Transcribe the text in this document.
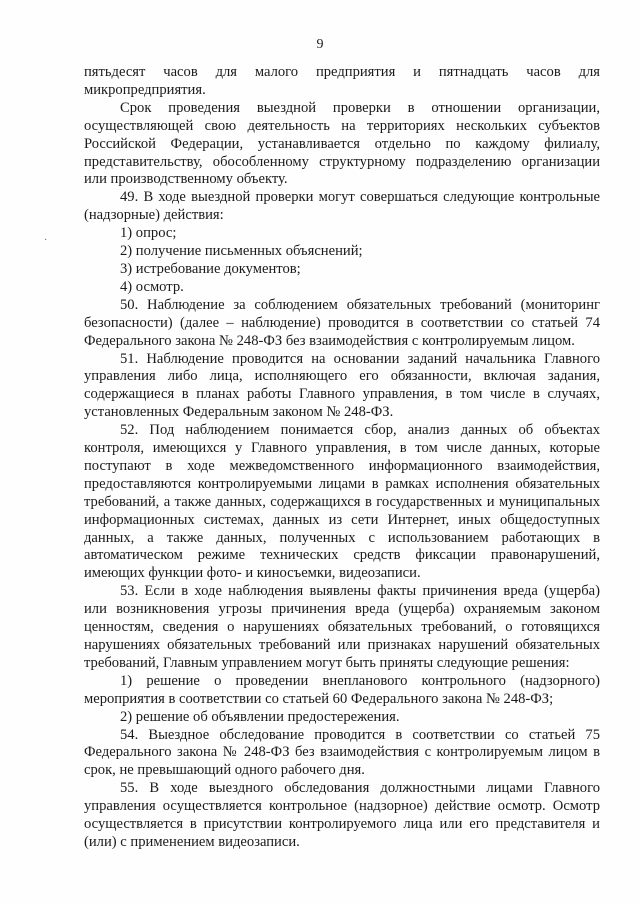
9
·

пятьдесят часов для малого предприятия и пятнадцать часов для микропредприятия.

Срок проведения выездной проверки в отношении организации, осуществляющей свою деятельность на территориях нескольких субъектов Российской Федерации, устанавливается отдельно по каждому филиалу, представительству, обособленному структурному подразделению организации или производственному объекту.

49. В ходе выездной проверки могут совершаться следующие контрольные (надзорные) действия:

1) опрос;

2) получение письменных объяснений;

3) истребование документов;

4) осмотр.

50. Наблюдение за соблюдением обязательных требований (мониторинг безопасности) (далее – наблюдение) проводится в соответствии со статьей 74 Федерального закона № 248-ФЗ без взаимодействия с контролируемым лицом.

51. Наблюдение проводится на основании заданий начальника Главного управления либо лица, исполняющего его обязанности, включая задания, содержащиеся в планах работы Главного управления, в том числе в случаях, установленных Федеральным законом № 248-ФЗ.

52. Под наблюдением понимается сбор, анализ данных об объектах контроля, имеющихся у Главного управления, в том числе данных, которые поступают в ходе межведомственного информационного взаимодействия, предоставляются контролируемыми лицами в рамках исполнения обязательных требований, а также данных, содержащихся в государственных и муниципальных информационных системах, данных из сети Интернет, иных общедоступных данных, а также данных, полученных с использованием работающих в автоматическом режиме технических средств фиксации правонарушений, имеющих функции фото- и киносъемки, видеозаписи.

53. Если в ходе наблюдения выявлены факты причинения вреда (ущерба) или возникновения угрозы причинения вреда (ущерба) охраняемым законом ценностям, сведения о нарушениях обязательных требований, о готовящихся нарушениях обязательных требований или признаках нарушений обязательных требований, Главным управлением могут быть приняты следующие решения:

1) решение о проведении внепланового контрольного (надзорного) мероприятия в соответствии со статьей 60 Федерального закона № 248-ФЗ;

2) решение об объявлении предостережения.

54. Выездное обследование проводится в соответствии со статьей 75 Федерального закона № 248-ФЗ без взаимодействия с контролируемым лицом в срок, не превышающий одного рабочего дня.

55. В ходе выездного обследования должностными лицами Главного управления осуществляется контрольное (надзорное) действие осмотр. Осмотр осуществляется в присутствии контролируемого лица или его представителя и (или) с применением видеозаписи.
